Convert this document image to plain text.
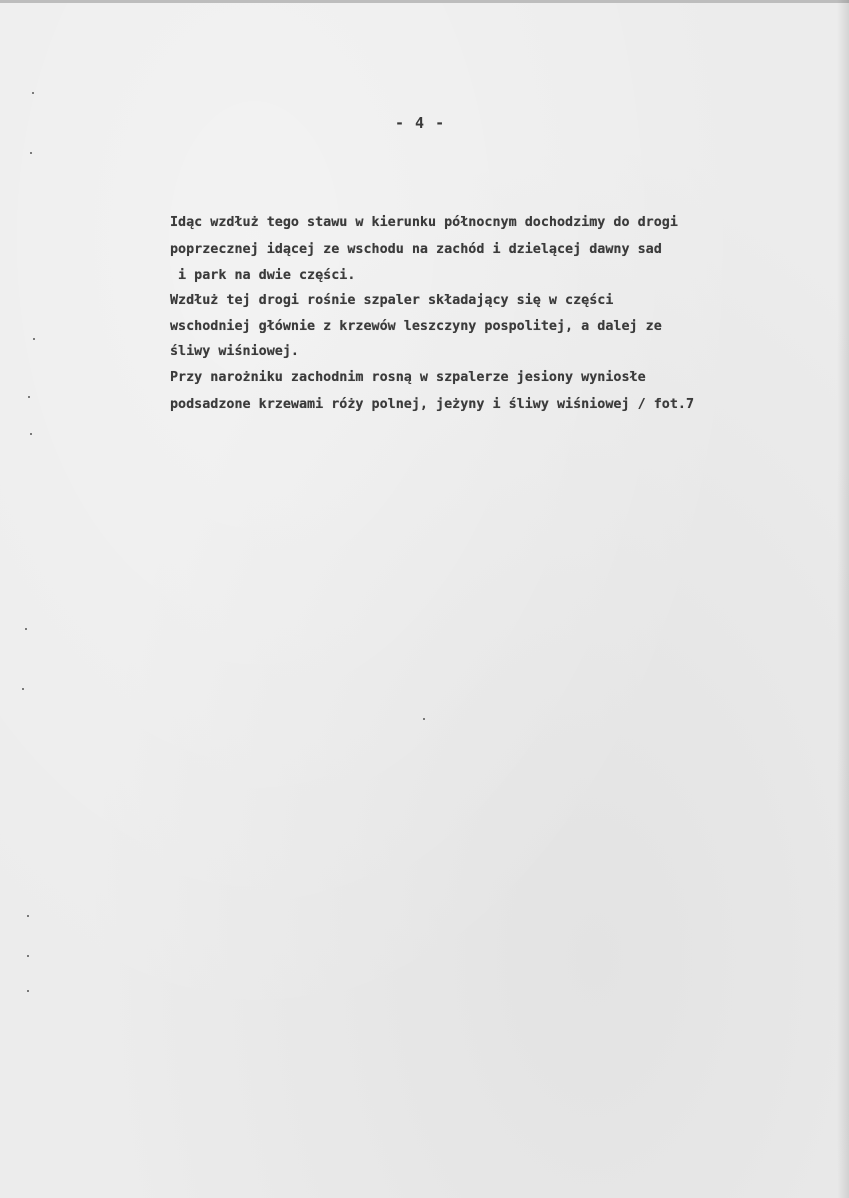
- 4 -
Idąc wzdłuż tego stawu w kierunku północnym dochodzimy do drogi
poprzecznej idącej ze wschodu na zachód i dzielącej dawny sad
i park na dwie części.
Wzdłuż tej drogi rośnie szpaler składający się w części
wschodniej głównie z krzewów leszczyny pospolitej, a dalej ze
śliwy wiśniowej.
Przy narożniku zachodnim rosną w szpalerze jesiony wyniosłe
podsadzone krzewami róży polnej, jeżyny i śliwy wiśniowej / fot.7
